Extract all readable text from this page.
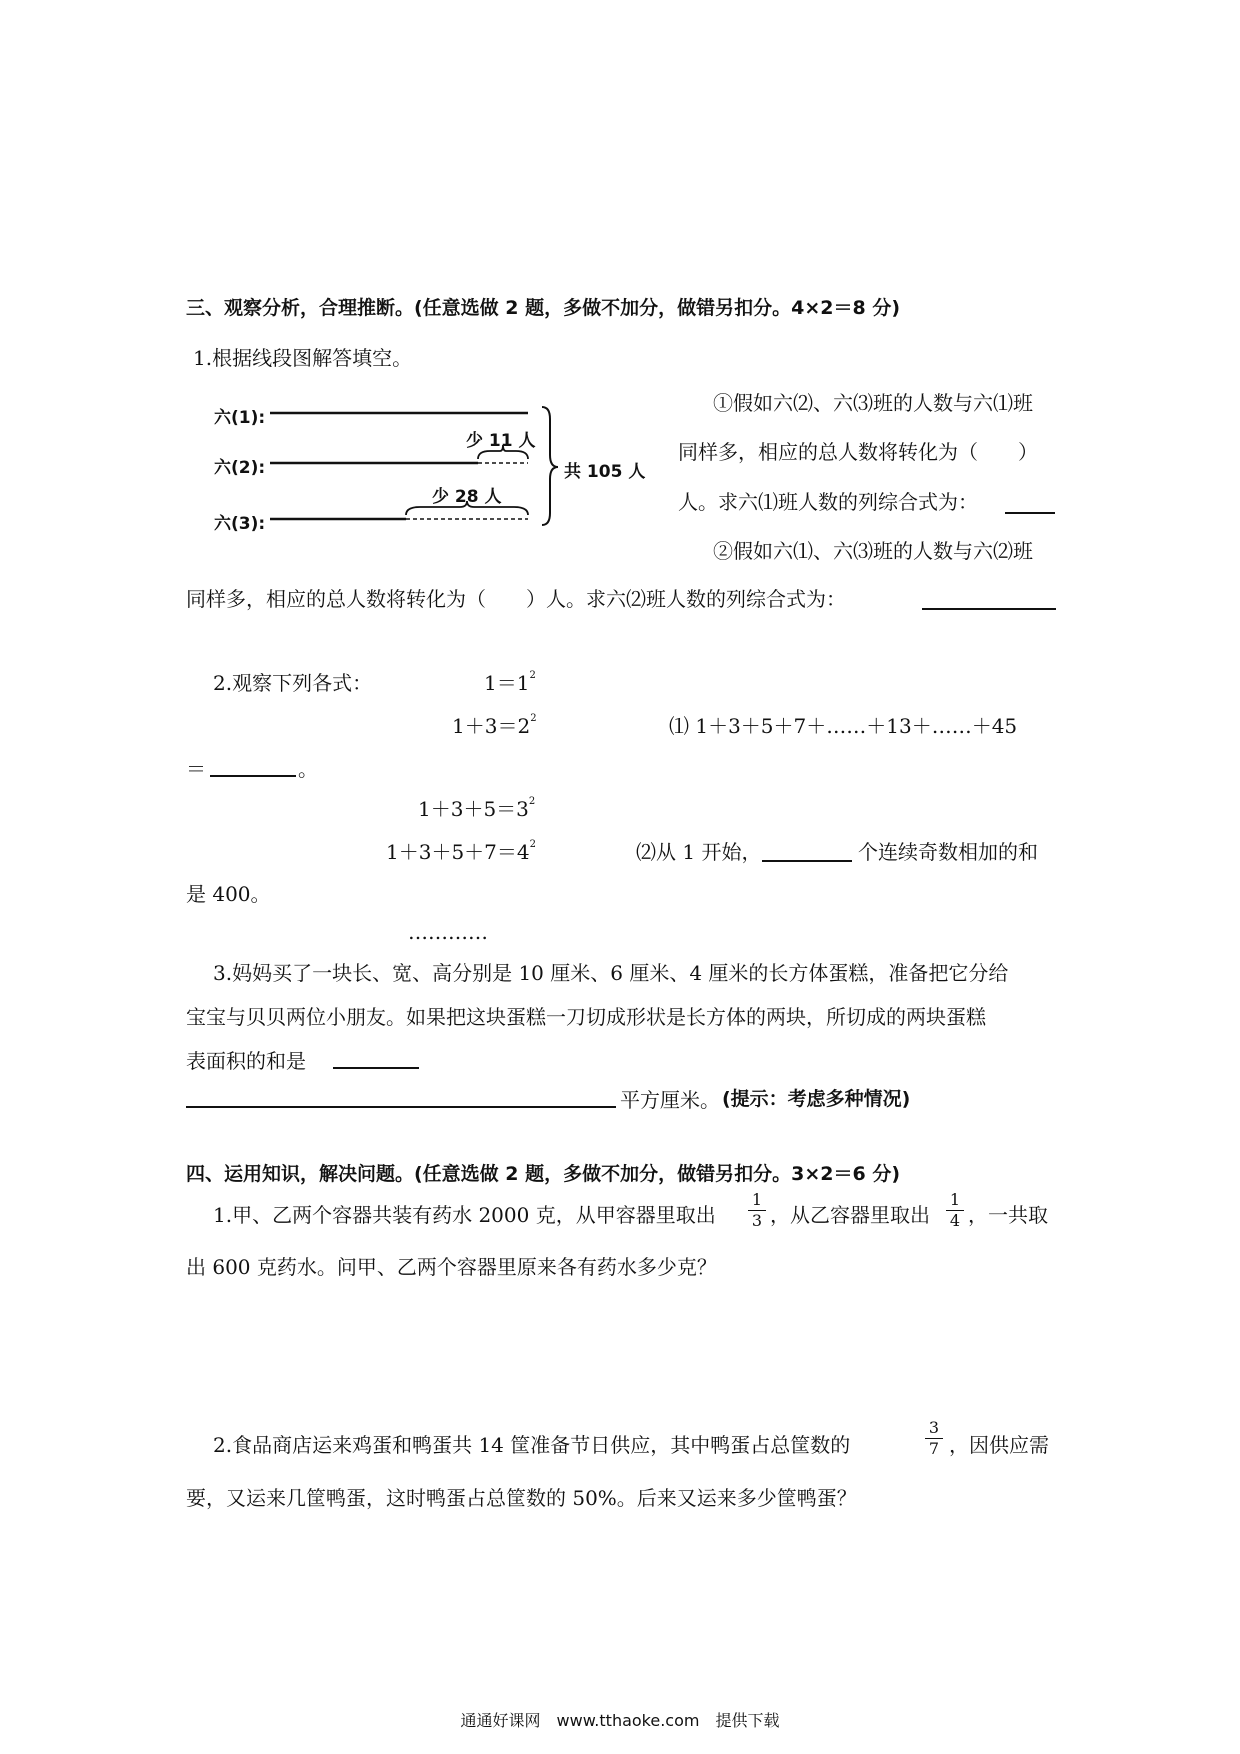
三、观察分析，合理推断。(任意选做 2 题，多做不加分，做错另扣分。4×2＝8 分)
1.根据线段图解答填空。
六(1):
六(2):
六(3):
少 11 人
少 28 人
共 105 人
①假如六⑵、六⑶班的人数与六⑴班
同样多，相应的总人数将转化为（　　）
人。求六⑴班人数的列综合式为：
②假如六⑴、六⑶班的人数与六⑵班
同样多，相应的总人数将转化为（　　）人。求六⑵班人数的列综合式为：
2.观察下列各式：	$1=1^2$
$1+3=2^2$	⑴ 1＋3＋5＋7＋……＋13＋……＋45
＝	。
$1+3+5=3^2$
$1+3+5+7=4^2$	⑵从 1 开始，	个连续奇数相加的和
是 400。
…………
3.妈妈买了一块长、宽、高分别是 10 厘米、6 厘米、4 厘米的长方体蛋糕，准备把它分给
宝宝与贝贝两位小朋友。如果把这块蛋糕一刀切成形状是长方体的两块，所切成的两块蛋糕
表面积的和是
平方厘米。 (提示：考虑多种情况)
四、运用知识，解决问题。(任意选做 2 题，多做不加分，做错另扣分。3×2＝6 分)
1.甲、乙两个容器共装有药水 2000 克，从甲容器里取出 $\frac{1}{3}$ ，从乙容器里取出 $\frac{1}{4}$ ，一共取
出 600 克药水。问甲、乙两个容器里原来各有药水多少克？
2.食品商店运来鸡蛋和鸭蛋共 14 筐准备节日供应，其中鸭蛋占总筐数的	$\frac{3}{7}$ ，因供应需
要，又运来几筐鸭蛋，这时鸭蛋占总筐数的 50%。后来又运来多少筐鸭蛋？
通通好课网　www.tthaoke.com　提供下载
